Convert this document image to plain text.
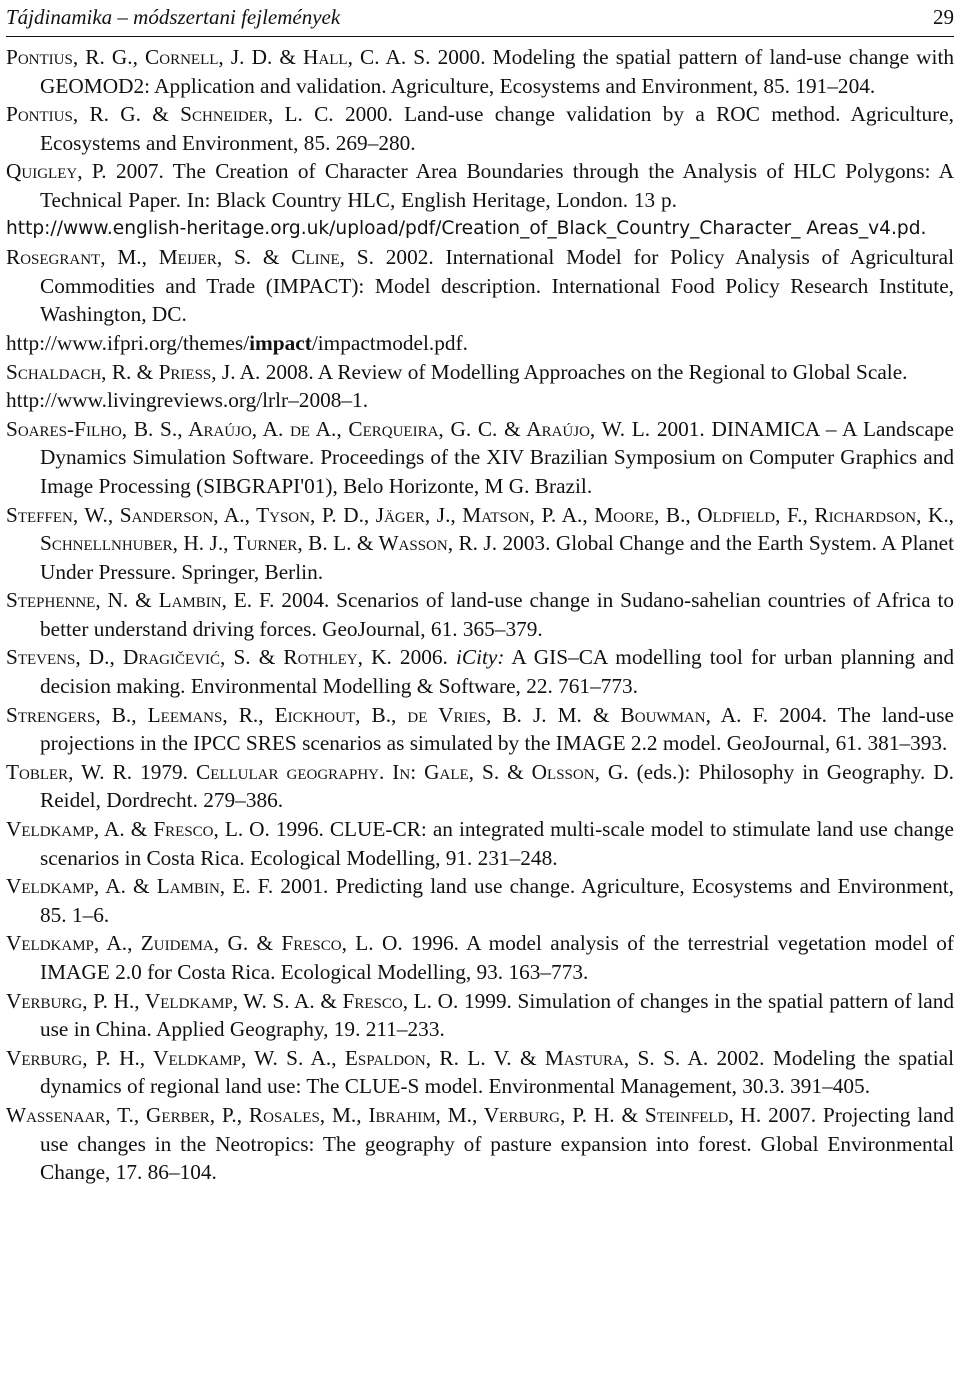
Tájdinamika – módszertani fejlemények	29

Pontius, R. G., Cornell, J. D. & Hall, C. A. S. 2000. Modeling the spatial pattern of land-use change with GEOMOD2: Application and validation. Agriculture, Ecosystems and Environment, 85. 191–204.

Pontius, R. G. & Schneider, L. C. 2000. Land-use change validation by a ROC method. Agriculture, Ecosystems and Environment, 85. 269–280.

Quigley, P. 2007. The Creation of Character Area Boundaries through the Analysis of HLC Polygons: A Technical Paper. In: Black Country HLC, English Heritage, London. 13 p.

http://www.english-heritage.org.uk/upload/pdf/Creation_of_Black_Country_Character_ Areas_v4.pd.

Rosegrant, M., Meijer, S. & Cline, S. 2002. International Model for Policy Analysis of Agricultural Commodities and Trade (IMPACT): Model description. International Food Policy Research Institute, Washington, DC.

http://www.ifpri.org/themes/impact/impactmodel.pdf.

Schaldach, R. & Priess, J. A. 2008. A Review of Modelling Approaches on the Regional to Global Scale.

http://www.livingreviews.org/lrlr–2008–1.

Soares-Filho, B. S., Araújo, A. de A., Cerqueira, G. C. & Araújo, W. L. 2001. DINAMICA – A Landscape Dynamics Simulation Software. Proceedings of the XIV Brazilian Symposium on Computer Graphics and Image Processing (SIBGRAPI'01), Belo Horizonte, M G. Brazil.

Steffen, W., Sanderson, A., Tyson, P. D., Jäger, J., Matson, P. A., Moore, B., Oldfield, F., Richardson, K., Schnellnhuber, H. J., Turner, B. L. & Wasson, R. J. 2003. Global Change and the Earth System. A Planet Under Pressure. Springer, Berlin.

Stephenne, N. & Lambin, E. F. 2004. Scenarios of land-use change in Sudano-sahelian countries of Africa to better understand driving forces. GeoJournal, 61. 365–379.

Stevens, D., Dragičević, S. & Rothley, K. 2006. iCity: A GIS–CA modelling tool for urban planning and decision making. Environmental Modelling & Software, 22. 761–773.

Strengers, B., Leemans, R., Eickhout, B., de Vries, B. J. M. & Bouwman, A. F. 2004. The land-use projections in the IPCC SRES scenarios as simulated by the IMAGE 2.2 model. GeoJournal, 61. 381–393.

Tobler, W. R. 1979. Cellular geography. In: Gale, S. & Olsson, G. (eds.): Philosophy in Geography. D. Reidel, Dordrecht. 279–386.

Veldkamp, A. & Fresco, L. O. 1996. CLUE-CR: an integrated multi-scale model to stimulate land use change scenarios in Costa Rica. Ecological Modelling, 91. 231–248.

Veldkamp, A. & Lambin, E. F. 2001. Predicting land use change. Agriculture, Ecosystems and Environment, 85. 1–6.

Veldkamp, A., Zuidema, G. & Fresco, L. O. 1996. A model analysis of the terrestrial vegetation model of IMAGE 2.0 for Costa Rica. Ecological Modelling, 93. 163–773.

Verburg, P. H., Veldkamp, W. S. A. & Fresco, L. O. 1999. Simulation of changes in the spatial pattern of land use in China. Applied Geography, 19. 211–233.

Verburg, P. H., Veldkamp, W. S. A., Espaldon, R. L. V. & Mastura, S. S. A. 2002. Modeling the spatial dynamics of regional land use: The CLUE-S model. Environmental Management, 30.3. 391–405.

Wassenaar, T., Gerber, P., Rosales, M., Ibrahim, M., Verburg, P. H. & Steinfeld, H. 2007. Projecting land use changes in the Neotropics: The geography of pasture expansion into forest. Global Environmental Change, 17. 86–104.
